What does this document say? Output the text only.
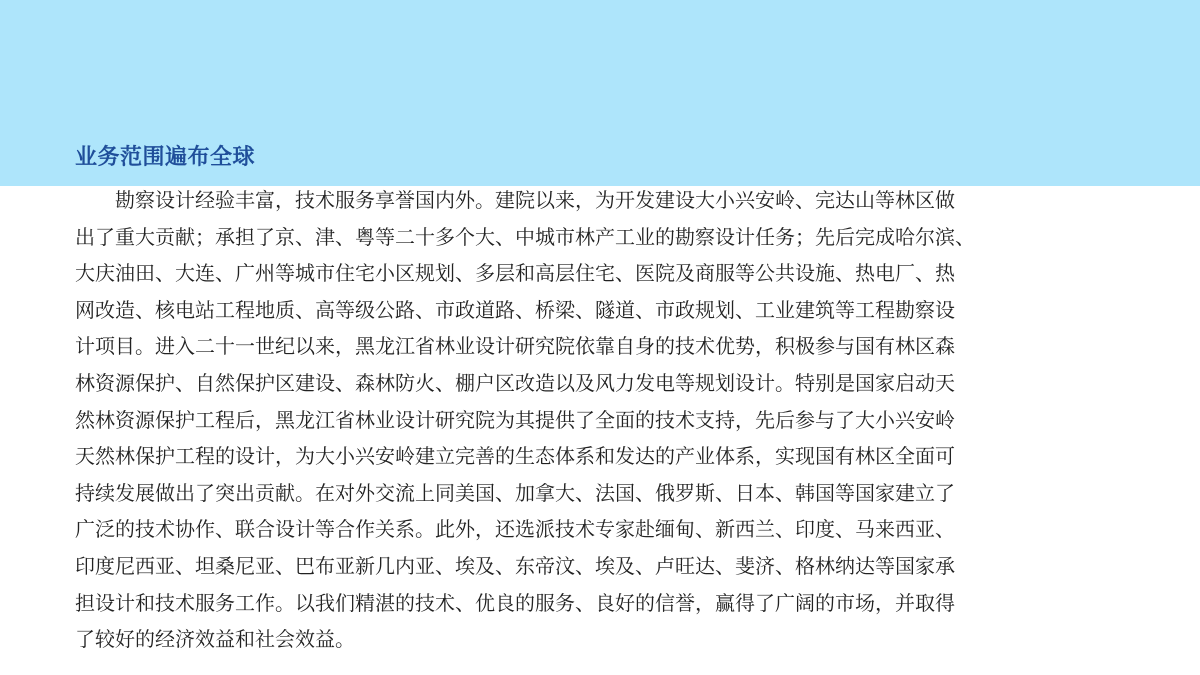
业务范围遍布全球
勘察设计经验丰富，技术服务享誉国内外。建院以来，为开发建设大小兴安岭、完达山等林区做
出了重大贡献；承担了京、津、粤等二十多个大、中城市林产工业的勘察设计任务；先后完成哈尔滨、
大庆油田、大连、广州等城市住宅小区规划、多层和高层住宅、医院及商服等公共设施、热电厂、热
网改造、核电站工程地质、高等级公路、市政道路、桥梁、隧道、市政规划、工业建筑等工程勘察设
计项目。进入二十一世纪以来，黑龙江省林业设计研究院依靠自身的技术优势，积极参与国有林区森
林资源保护、自然保护区建设、森林防火、棚户区改造以及风力发电等规划设计。特别是国家启动天
然林资源保护工程后，黑龙江省林业设计研究院为其提供了全面的技术支持，先后参与了大小兴安岭
天然林保护工程的设计，为大小兴安岭建立完善的生态体系和发达的产业体系，实现国有林区全面可
持续发展做出了突出贡献。在对外交流上同美国、加拿大、法国、俄罗斯、日本、韩国等国家建立了
广泛的技术协作、联合设计等合作关系。此外，还选派技术专家赴缅甸、新西兰、印度、马来西亚、
印度尼西亚、坦桑尼亚、巴布亚新几内亚、埃及、东帝汶、埃及、卢旺达、斐济、格林纳达等国家承
担设计和技术服务工作。以我们精湛的技术、优良的服务、良好的信誉，赢得了广阔的市场，并取得
了较好的经济效益和社会效益。
